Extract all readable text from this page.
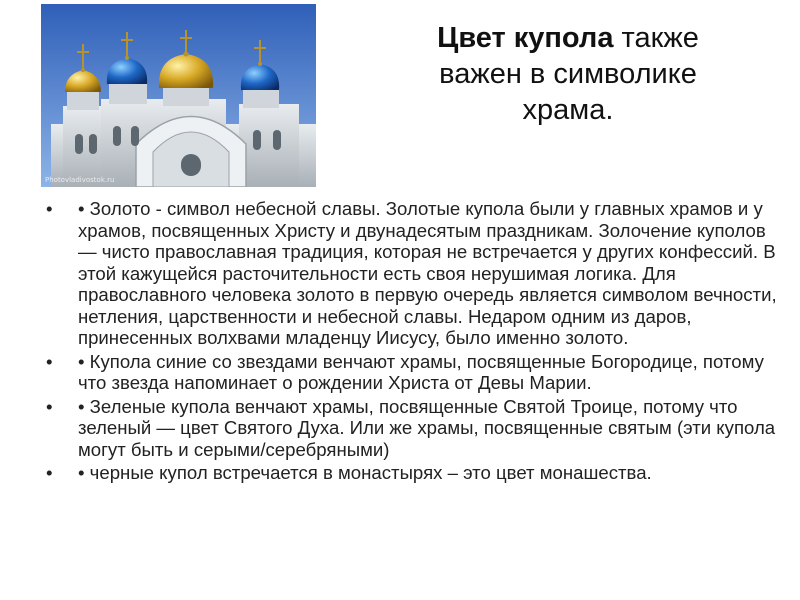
Photovladivostok.ru
Цвет купола также важен в символике храма.
• • Золото - символ небесной славы. Золотые купола были у главных храмов и у храмов, посвященных Христу и двунадесятым праздникам. Золочение куполов — чисто православная традиция, которая не встречается у других конфессий. В этой кажущейся расточительности есть своя нерушимая логика. Для православного человека золото в первую очередь является символом вечности, нетления, царственности и небесной славы. Недаром одним из даров, принесенных волхвами младенцу Иисусу, было именно золото.
• • Купола синие со звездами венчают храмы, посвященные Богородице, потому что звезда напоминает о рождении Христа от Девы Марии.
• • Зеленые купола венчают храмы, посвященные Святой Троице, потому что зеленый — цвет Святого Духа. Или же храмы, посвященные святым (эти купола могут быть и серыми/серебряными)
• • черные купол встречается в монастырях – это цвет монашества.
